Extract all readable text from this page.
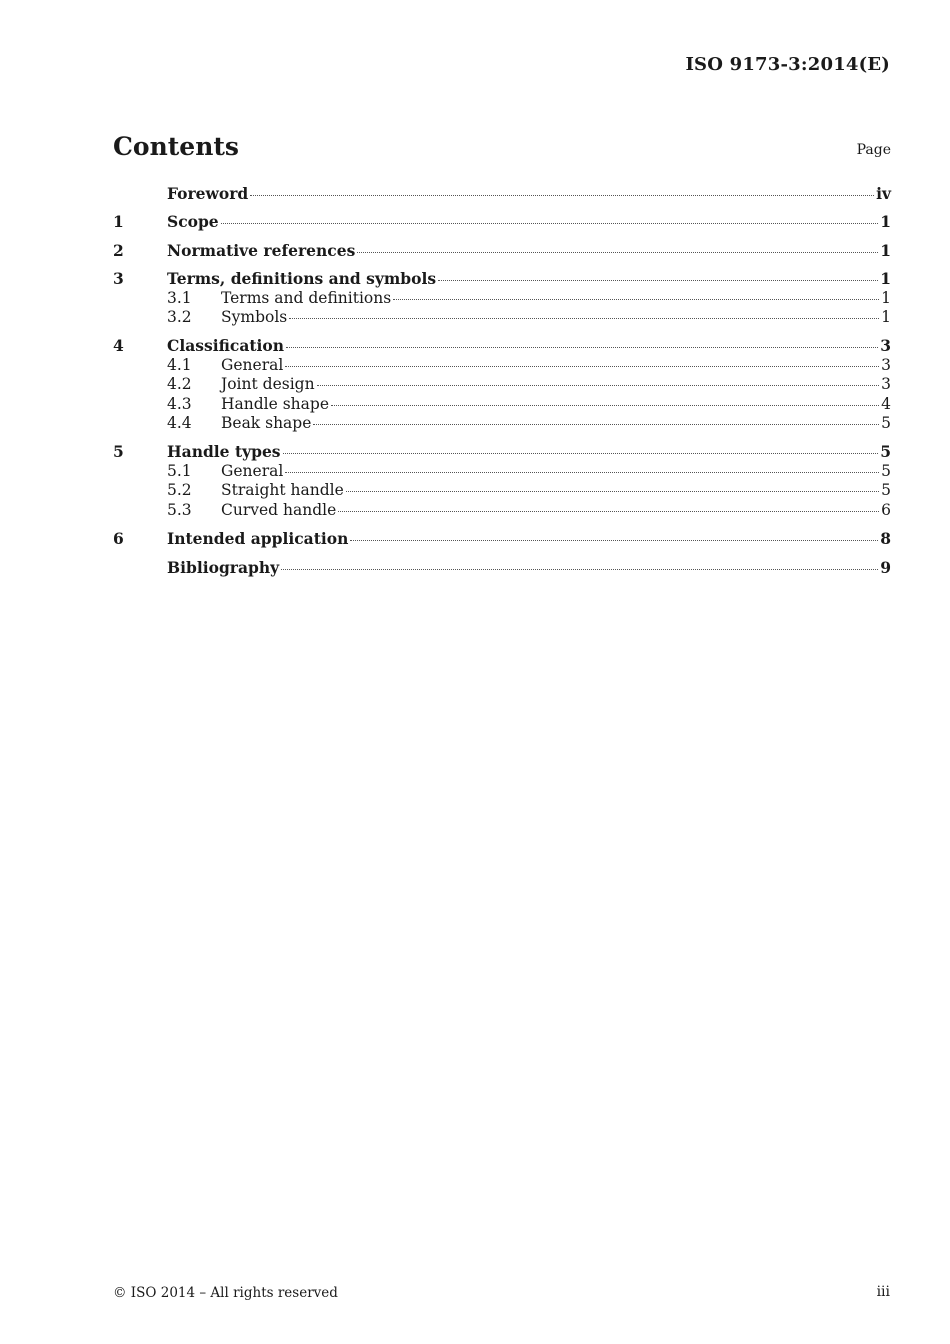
ISO 9173-3:2014(E)
Contents	Page
Foreword	iv
1	Scope	1
2	Normative references	1
3	Terms, definitions and symbols	1
3.1	Terms and definitions	1
3.2	Symbols	1
4	Classification	3
4.1	General	3
4.2	Joint design	3
4.3	Handle shape	4
4.4	Beak shape	5
5	Handle types	5
5.1	General	5
5.2	Straight handle	5
5.3	Curved handle	6
6	Intended application	8
Bibliography	9
© ISO 2014 – All rights reserved	iii
